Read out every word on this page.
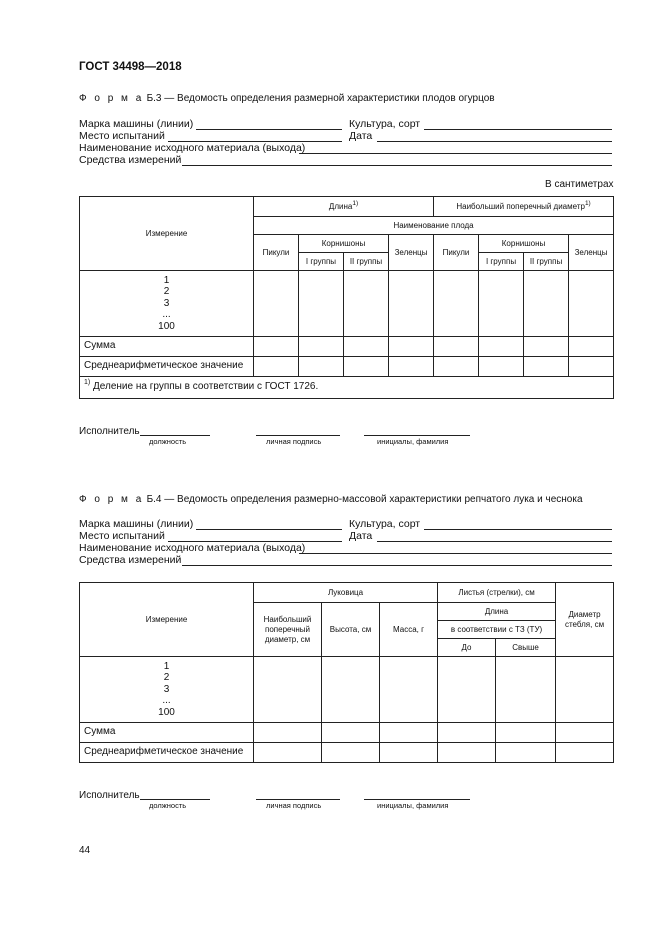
ГОСТ 34498—2018
Ф о р м а Б.3 — Ведомость определения размерной характеристики плодов огурцов
Марка машины (линии)	Культура, сорт
Место испытаний	Дата
Наименование исходного материала (выхода)
Средства измерений
В сантиметрах
Измерение	Длина$^{1)}$				Наибольший поперечный диаметр$^{1)}$
	Наименование плода							
	Пикули	Корнишоны		Зеленцы	Пикули	Корнишоны		Зеленцы
		I группы	II группы			I группы	II группы	

1
2
3
...
100								

Сумма								
Среднеарифметическое значение								
$^{1)}$ Деление на группы в соответствии с ГОСТ 1726.								
Исполнитель
должность	личная подпись	инициалы, фамилия
Ф о р м а Б.4 — Ведомость определения размерно-массовой характеристики репчатого лука и чеснока
Марка машины (линии)	Культура, сорт
Место испытаний	Дата
Наименование исходного материала (выхода)
Средства измерений
Измерение	Луковица			Листья (стрелки), см		Диаметр стебля, см
	Наибольший поперечный диаметр, см	Высота, см	Масса, г	Длина		
				в соответствии с ТЗ (ТУ)		
				До	Свыше	

1
2
3
...
100						

Сумма						
Среднеарифметическое значение						
Исполнитель
должность	личная подпись	инициалы, фамилия
44
